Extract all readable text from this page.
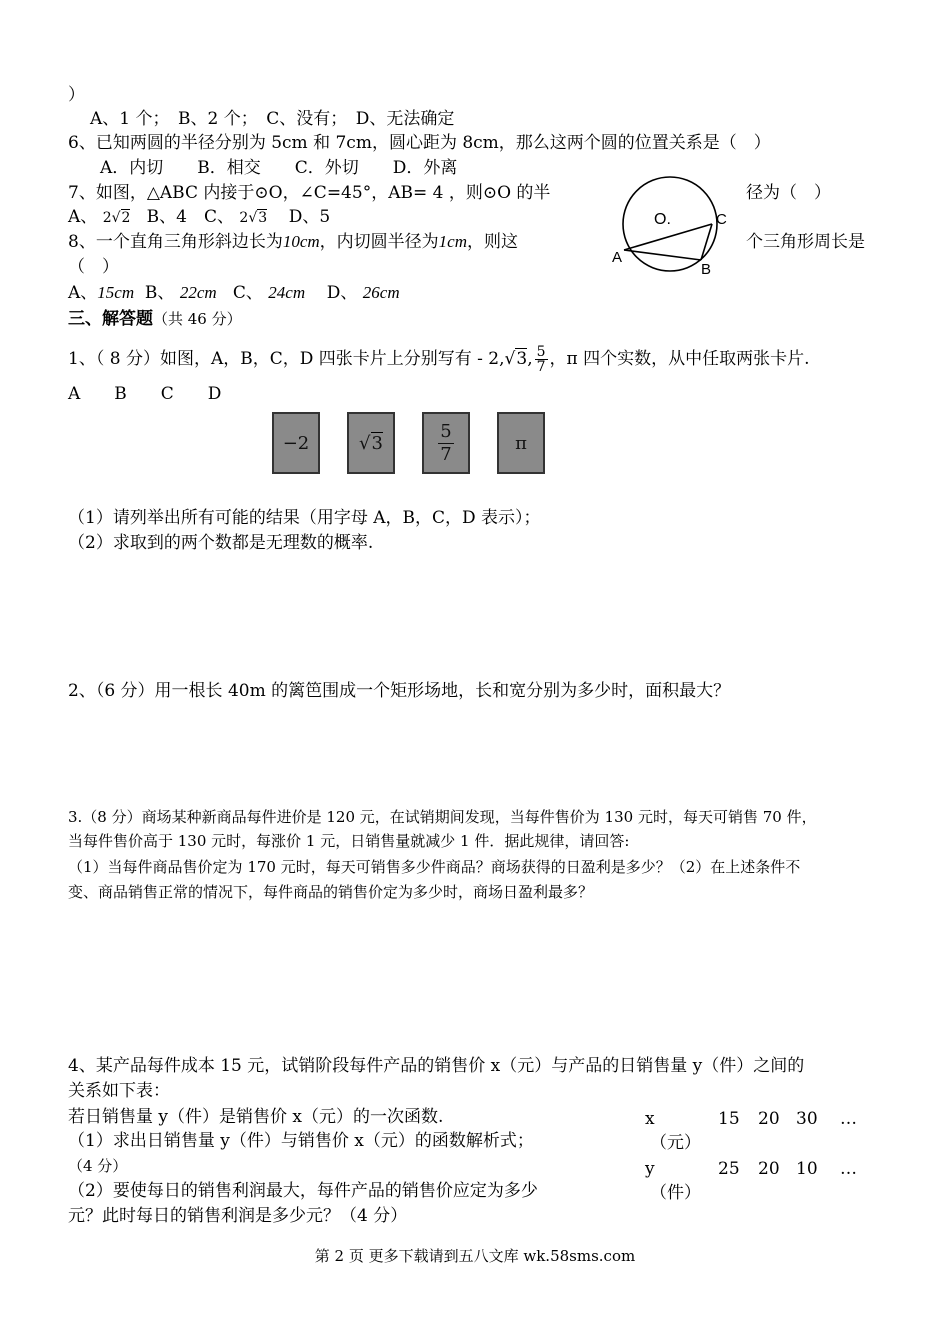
）
A、1 个；　B、2 个；　C、没有；　D、无法确定
6、已知两圆的半径分别为 5cm 和 7cm，圆心距为 8cm，那么这两个圆的位置关系是（　）
A．内切　　B．相交　　C．外切　　D．外离
7、如图，△ABC 内接于⊙O，∠C=45°，AB= 4 ，则⊙O 的半	径为（　）
A、 2√2 B、4　C、 2√3 D、5
8、一个直角三角形斜边长为10cm，内切圆半径为1cm，则这	个三角形周长是
（　）
A、15cm B、 22cm C、 24cm D、 26cm
O.	C
A
B
三、解答题（共 46 分）
1、（ 8 分）如图，A，B，C，D 四张卡片上分别写有 - 2,√3, $\frac{5}{7}$ ，π 四个实数，从中任取两张卡片.
A　　B　　C　　D
−2	√3
5
7
π
（1）请列举出所有可能的结果（用字母 A，B，C，D 表示）；
（2）求取到的两个数都是无理数的概率.
2、（6 分）用一根长 40m 的篱笆围成一个矩形场地，长和宽分别为多少时，面积最大？
3.（8 分）商场某种新商品每件进价是 120 元，在试销期间发现，当每件售价为 130 元时，每天可销售 70 件，
当每件售价高于 130 元时，每涨价 1 元，日销售量就减少 1 件．据此规律，请回答:
（1）当每件商品售价定为 170 元时，每天可销售多少件商品？商场获得的日盈利是多少？（2）在上述条件不
变、商品销售正常的情况下，每件商品的销售价定为多少时，商场日盈利最多？
4、某产品每件成本 15 元，试销阶段每件产品的销售价 x（元）与产品的日销售量 y（件）之间的
关系如下表：
若日销售量 y（件）是销售价 x（元）的一次函数.
（1）求出日销售量 y（件）与销售价 x（元）的函数解析式；
（4 分）
（2）要使每日的销售利润最大，每件产品的销售价应定为多少
元？此时每日的销售利润是多少元？（4 分）
x
（元）
15 20 30 …
y
（件）
25 20 10 …
第 2 页 更多下载请到五八文库 wk.58sms.com
